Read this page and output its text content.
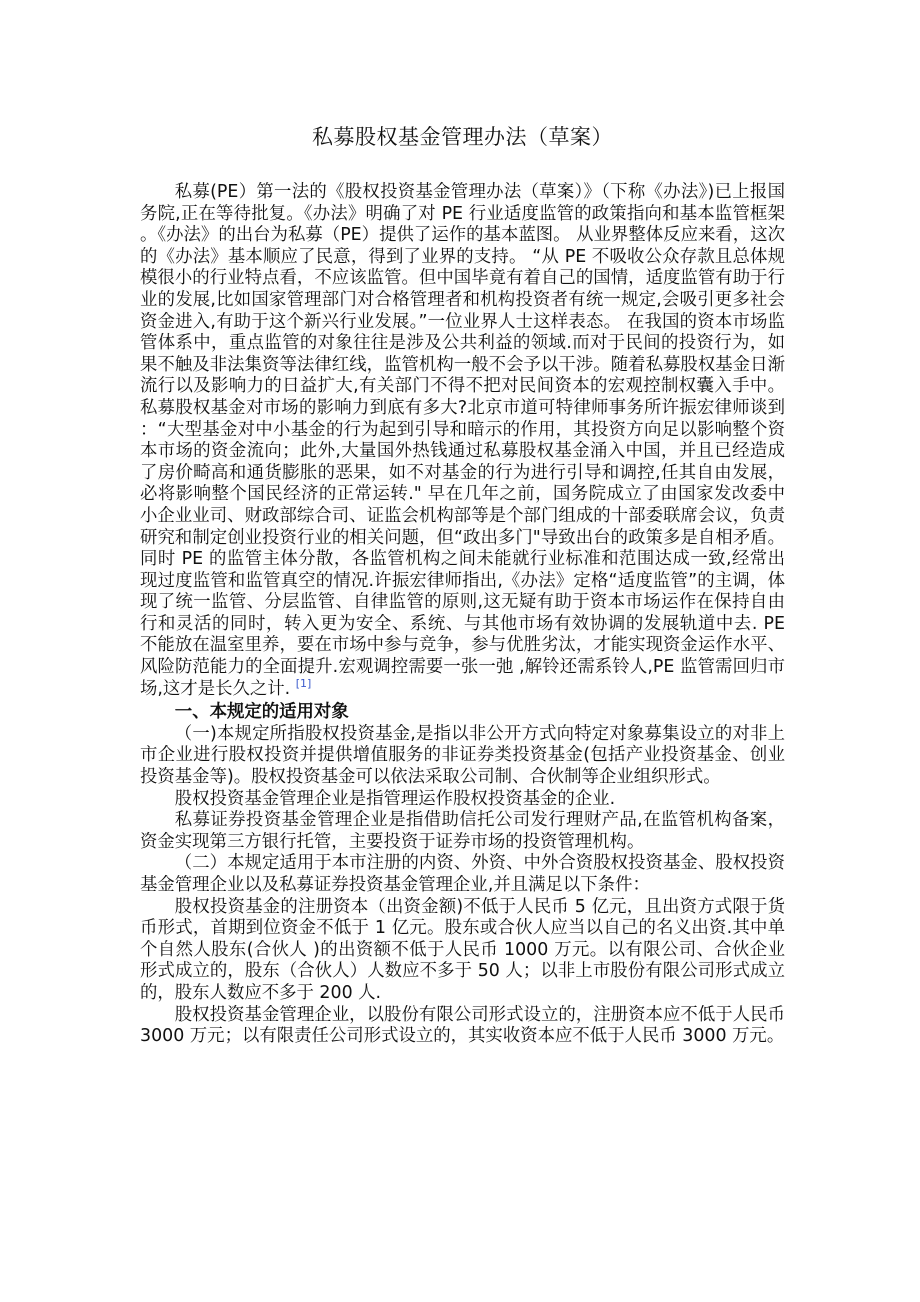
私募股权基金管理办法（草案）

私募(PE）第一法的《股权投资基金管理办法（草案）》（下称《办法》)已上报国务院,正在等待批复。《办法》明确了对 PE 行业适度监管的政策指向和基本监管框架。《办法》的出台为私募（PE）提供了运作的基本蓝图。 从业界整体反应来看，这次的《办法》基本顺应了民意，得到了业界的支持。 “从 PE 不吸收公众存款且总体规模很小的行业特点看，不应该监管。但中国毕竟有着自己的国情，适度监管有助于行业的发展,比如国家管理部门对合格管理者和机构投资者有统一规定,会吸引更多社会资金进入,有助于这个新兴行业发展。”一位业界人士这样表态。 在我国的资本市场监管体系中，重点监管的对象往往是涉及公共利益的领域.而对于民间的投资行为，如果不触及非法集资等法律红线，监管机构一般不会予以干涉。随着私募股权基金日渐流行以及影响力的日益扩大,有关部门不得不把对民间资本的宏观控制权囊入手中。 私募股权基金对市场的影响力到底有多大?北京市道可特律师事务所许振宏律师谈到：“大型基金对中小基金的行为起到引导和暗示的作用，其投资方向足以影响整个资本市场的资金流向；此外,大量国外热钱通过私募股权基金涌入中国，并且已经造成了房价畸高和通货膨胀的恶果，如不对基金的行为进行引导和调控,任其自由发展，必将影响整个国民经济的正常运转." 早在几年之前，国务院成立了由国家发改委中小企业业司、财政部综合司、证监会机构部等是个部门组成的十部委联席会议，负责研究和制定创业投资行业的相关问题，但“政出多门"导致出台的政策多是自相矛盾。同时 PE 的监管主体分散，各监管机构之间未能就行业标准和范围达成一致,经常出现过度监管和监管真空的情况.许振宏律师指出,《办法》定格“适度监管”的主调，体现了统一监管、分层监管、自律监管的原则,这无疑有助于资本市场运作在保持自由行和灵活的同时，转入更为安全、系统、与其他市场有效协调的发展轨道中去. PE 不能放在温室里养，要在市场中参与竞争，参与优胜劣汰，才能实现资金运作水平、风险防范能力的全面提升.宏观调控需要一张一弛 ,解铃还需系铃人,PE 监管需回归市场,这才是长久之计. [1]

一、本规定的适用对象

（一)本规定所指股权投资基金,是指以非公开方式向特定对象募集设立的对非上市企业进行股权投资并提供增值服务的非证券类投资基金(包括产业投资基金、创业投资基金等)。股权投资基金可以依法采取公司制、合伙制等企业组织形式。

股权投资基金管理企业是指管理运作股权投资基金的企业.

私募证券投资基金管理企业是指借助信托公司发行理财产品,在监管机构备案，资金实现第三方银行托管，主要投资于证券市场的投资管理机构。

（二）本规定适用于本市注册的内资、外资、中外合资股权投资基金、股权投资基金管理企业以及私募证券投资基金管理企业,并且满足以下条件：

股权投资基金的注册资本（出资金额)不低于人民币 5 亿元，且出资方式限于货币形式，首期到位资金不低于 1 亿元。股东或合伙人应当以自己的名义出资.其中单个自然人股东(合伙人 )的出资额不低于人民币 1000 万元。以有限公司、合伙企业形式成立的，股东（合伙人）人数应不多于 50 人；以非上市股份有限公司形式成立的，股东人数应不多于 200 人.

股权投资基金管理企业，以股份有限公司形式设立的，注册资本应不低于人民币 3000 万元；以有限责任公司形式设立的，其实收资本应不低于人民币 3000 万元。
